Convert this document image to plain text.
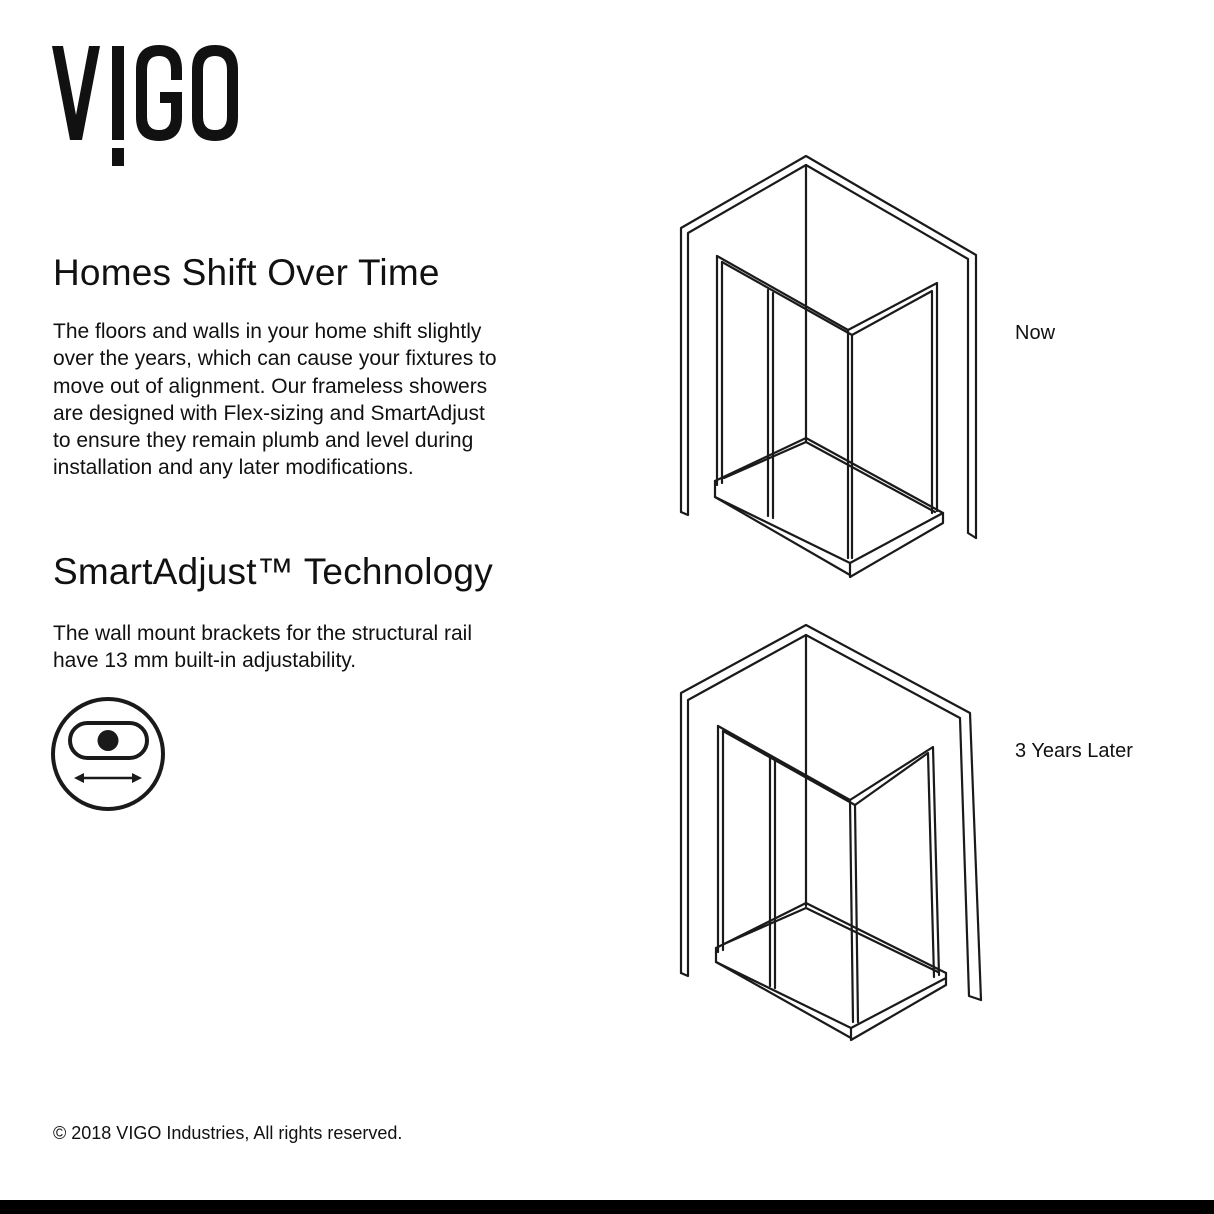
Homes Shift Over Time
The floors and walls in your home shift slightly
over the years, which can cause your fixtures to
move out of alignment. Our frameless showers
are designed with Flex-sizing and SmartAdjust
to ensure they remain plumb and level during
installation and any later modifications.
SmartAdjust™ Technology
The wall mount brackets for the structural rail
have 13 mm built-in adjustability.
Now
3 Years Later
© 2018 VIGO Industries, All rights reserved.
